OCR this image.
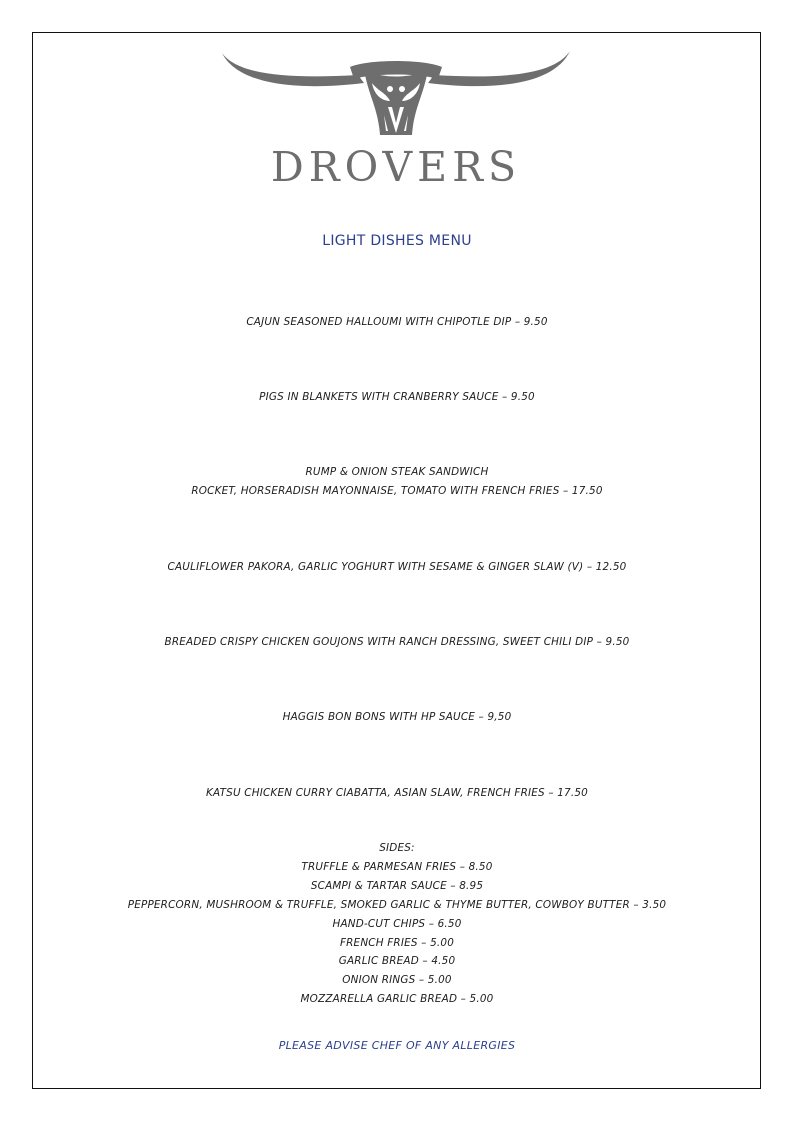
DROVERS
LIGHT DISHES MENU
CAJUN SEASONED HALLOUMI WITH CHIPOTLE DIP – 9.50
PIGS IN BLANKETS WITH CRANBERRY SAUCE – 9.50
RUMP & ONION STEAK SANDWICH
ROCKET, HORSERADISH MAYONNAISE, TOMATO WITH FRENCH FRIES – 17.50
CAULIFLOWER PAKORA, GARLIC YOGHURT WITH SESAME & GINGER SLAW (V) – 12.50
BREADED CRISPY CHICKEN GOUJONS WITH RANCH DRESSING, SWEET CHILI DIP – 9.50
HAGGIS BON BONS WITH HP SAUCE – 9,50
KATSU CHICKEN CURRY CIABATTA, ASIAN SLAW, FRENCH FRIES – 17.50
SIDES:
TRUFFLE & PARMESAN FRIES – 8.50
SCAMPI & TARTAR SAUCE – 8.95
PEPPERCORN, MUSHROOM & TRUFFLE, SMOKED GARLIC & THYME BUTTER, COWBOY BUTTER – 3.50
HAND-CUT CHIPS – 6.50
FRENCH FRIES – 5.00
GARLIC BREAD – 4.50
ONION RINGS – 5.00
MOZZARELLA GARLIC BREAD – 5.00
PLEASE ADVISE CHEF OF ANY ALLERGIES
